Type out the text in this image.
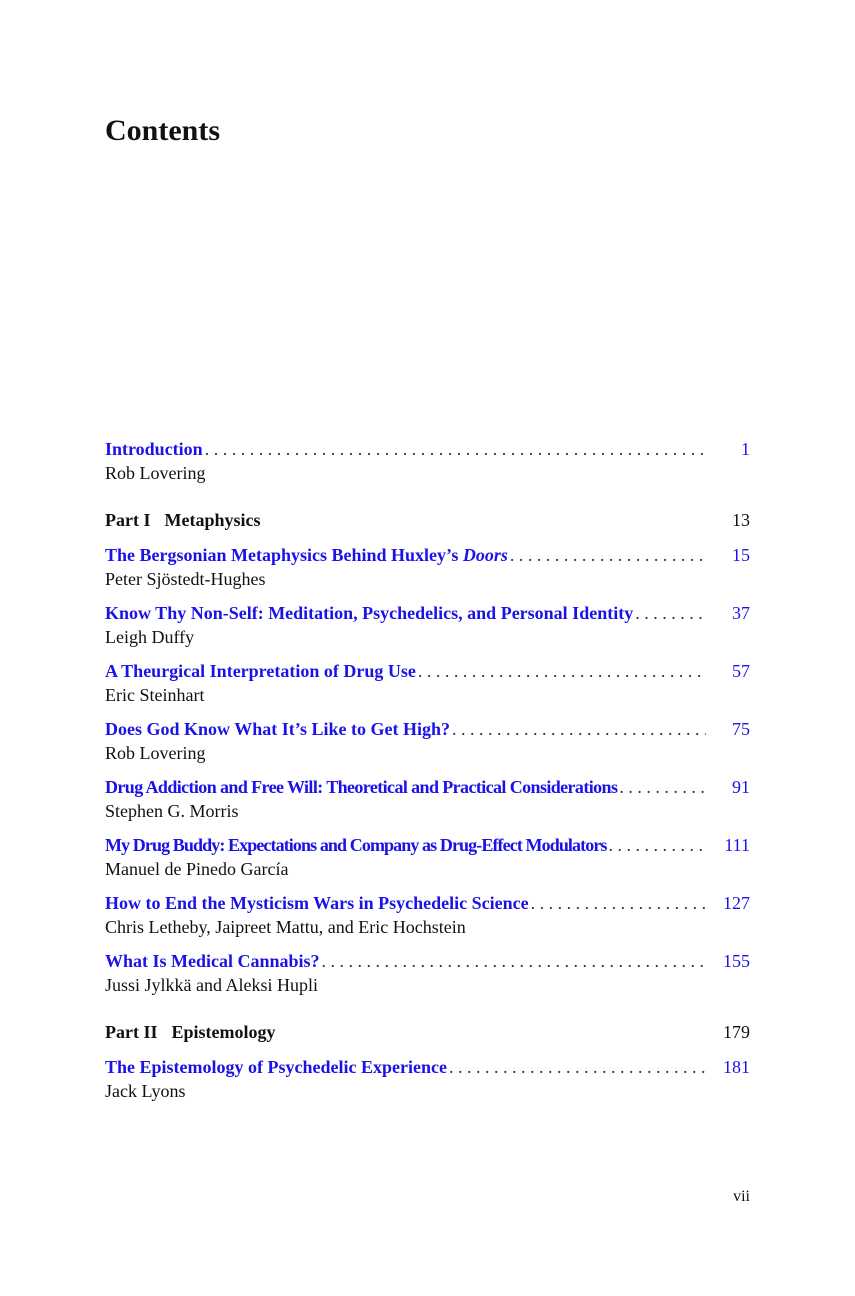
Contents
Introduction . . .	1
Rob Lovering
Part I Metaphysics	13
The Bergsonian Metaphysics Behind Huxley’s Doors . . .	15
Peter Sjöstedt-Hughes
Know Thy Non-Self: Meditation, Psychedelics, and Personal Identity . . .	37
Leigh Duffy
A Theurgical Interpretation of Drug Use . . .	57
Eric Steinhart
Does God Know What It’s Like to Get High? . . .	75
Rob Lovering
Drug Addiction and Free Will: Theoretical and Practical Considerations . . .	91
Stephen G. Morris
My Drug Buddy: Expectations and Company as Drug-Effect Modulators . . .	111
Manuel de Pinedo García
How to End the Mysticism Wars in Psychedelic Science . . .	127
Chris Letheby, Jaipreet Mattu, and Eric Hochstein
What Is Medical Cannabis? . . .	155
Jussi Jylkkä and Aleksi Hupli
Part II Epistemology	179
The Epistemology of Psychedelic Experience . . .	181
Jack Lyons
vii
